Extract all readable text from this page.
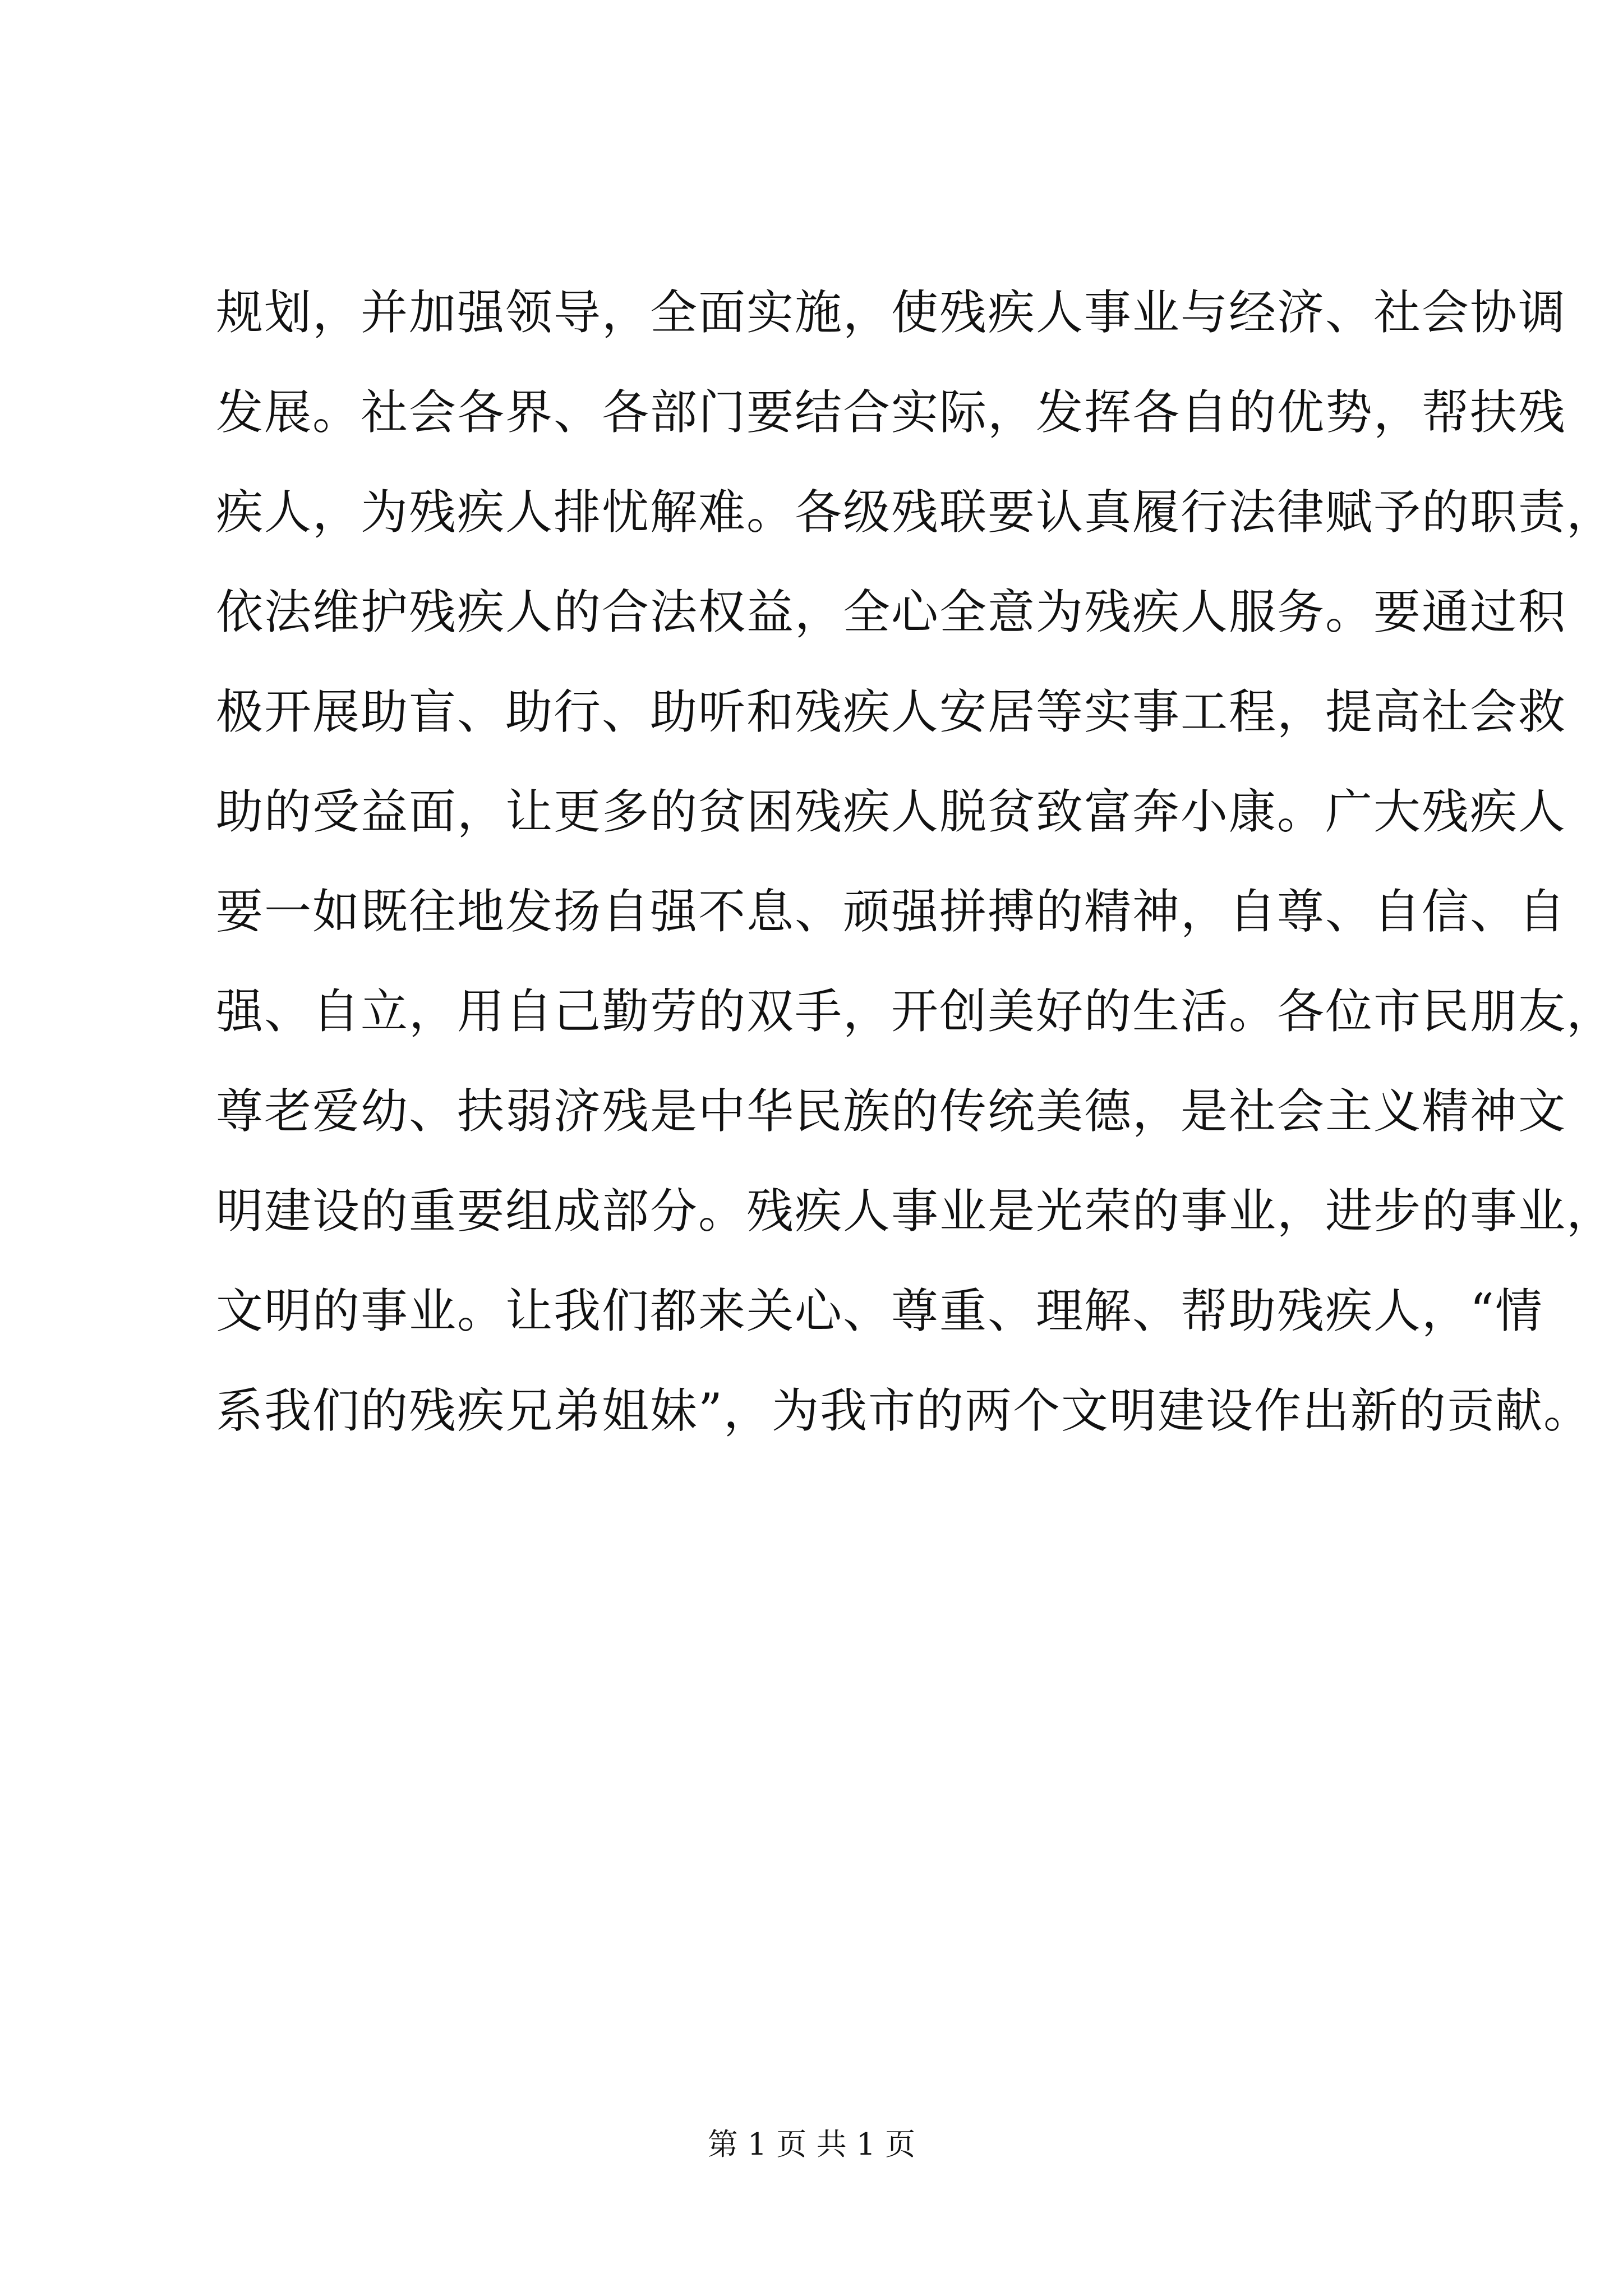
规划，并加强领导，全面实施，使残疾人事业与经济、社会协调
发展。社会各界、各部门要结合实际，发挥各自的优势，帮扶残
疾人，为残疾人排忧解难。各级残联要认真履行法律赋予的职责，
依法维护残疾人的合法权益，全心全意为残疾人服务。要通过积
极开展助盲、助行、助听和残疾人安居等实事工程，提高社会救
助的受益面，让更多的贫困残疾人脱贫致富奔小康。广大残疾人
要一如既往地发扬自强不息、顽强拼搏的精神，自尊、自信、自
强、自立，用自己勤劳的双手，开创美好的生活。各位市民朋友，
尊老爱幼、扶弱济残是中华民族的传统美德，是社会主义精神文
明建设的重要组成部分。残疾人事业是光荣的事业，进步的事业，
文明的事业。让我们都来关心、尊重、理解、帮助残疾人，“情
系我们的残疾兄弟姐妹”，为我市的两个文明建设作出新的贡献。
第 1 页 共 1 页
